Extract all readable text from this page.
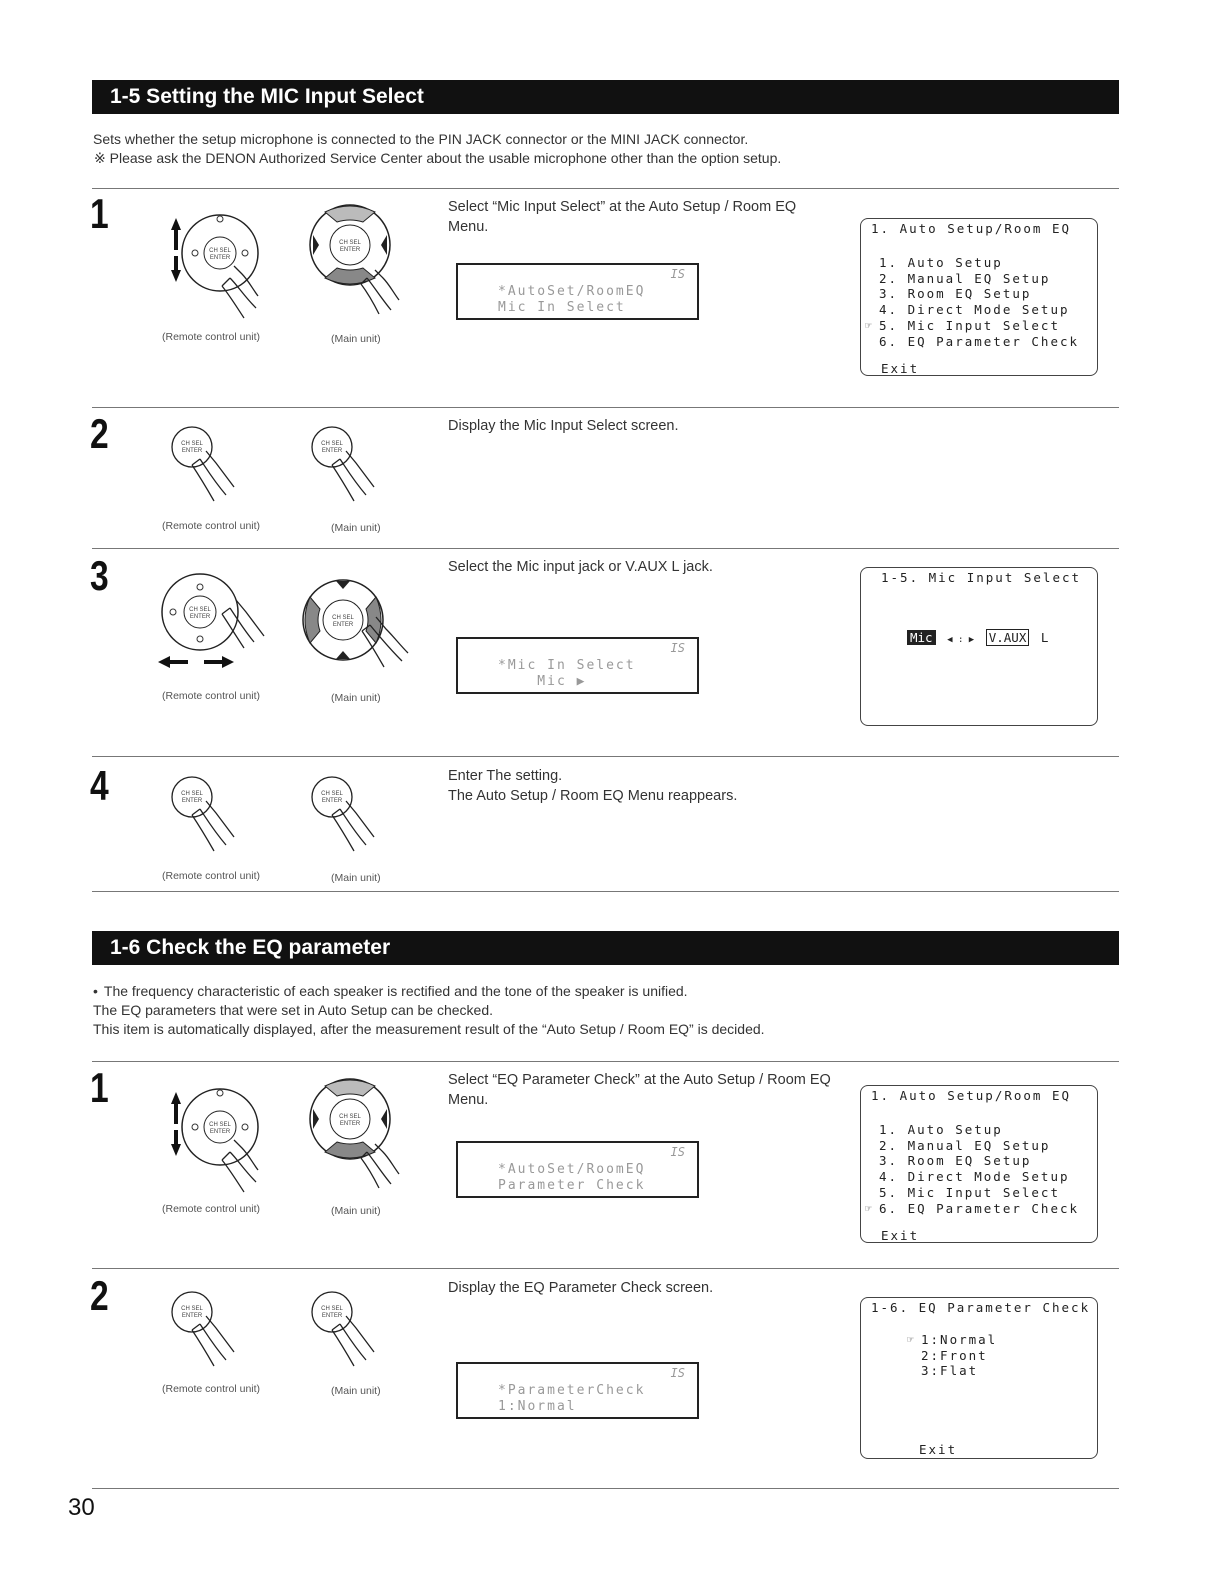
1-5 Setting the MIC Input Select
Sets whether the setup microphone is connected to the PIN JACK connector or the MINI JACK connector.
※ Please ask the DENON Authorized Service Center about the usable microphone other than the option setup.
1
CH SEL
ENTER
CH SEL
ENTER
(Remote control unit)	(Main unit)
Select “Mic Input Select” at the Auto Setup / Room EQ Menu.
IS
*AutoSet/RoomEQ
Mic In Select
1. Auto Setup/Room EQ
1. Auto Setup
2. Manual EQ Setup
3. Room EQ Setup
4. Direct Mode Setup
☞ 5. Mic Input Select
6. EQ Parameter Check
Exit
2	CH SEL
ENTER
CH SEL
ENTER
(Remote control unit)	(Main unit)
Display the Mic Input Select screen.
3
CH SEL
ENTER	CH SEL
ENTER
(Remote control unit)	(Main unit)
Select the Mic input jack or V.AUX L jack.
IS
*Mic In Select
Mic ▶
1-5. Mic Input Select
Mic ◀ : ▶ V.AUX L
4	CH SEL
ENTER
CH SEL
ENTER
(Remote control unit)	(Main unit)
Enter The setting.
The Auto Setup / Room EQ Menu reappears.
1-6 Check the EQ parameter
• The frequency characteristic of each speaker is rectified and the tone of the speaker is unified.
The EQ parameters that were set in Auto Setup can be checked.
This item is automatically displayed, after the measurement result of the “Auto Setup / Room EQ” is decided.
1
CH SEL
ENTER
CH SEL
ENTER
(Remote control unit)	(Main unit)
Select “EQ Parameter Check” at the Auto Setup / Room EQ Menu.
IS
*AutoSet/RoomEQ
Parameter Check
1. Auto Setup/Room EQ
1. Auto Setup
2. Manual EQ Setup
3. Room EQ Setup
4. Direct Mode Setup
5. Mic Input Select
☞ 6. EQ Parameter Check
Exit
2	CH SEL
ENTER
CH SEL
ENTER
(Remote control unit)	(Main unit)
Display the EQ Parameter Check screen.
IS
*ParameterCheck
1:Normal
1-6. EQ Parameter Check
☞ 1:Normal
2:Front
3:Flat
Exit
30
